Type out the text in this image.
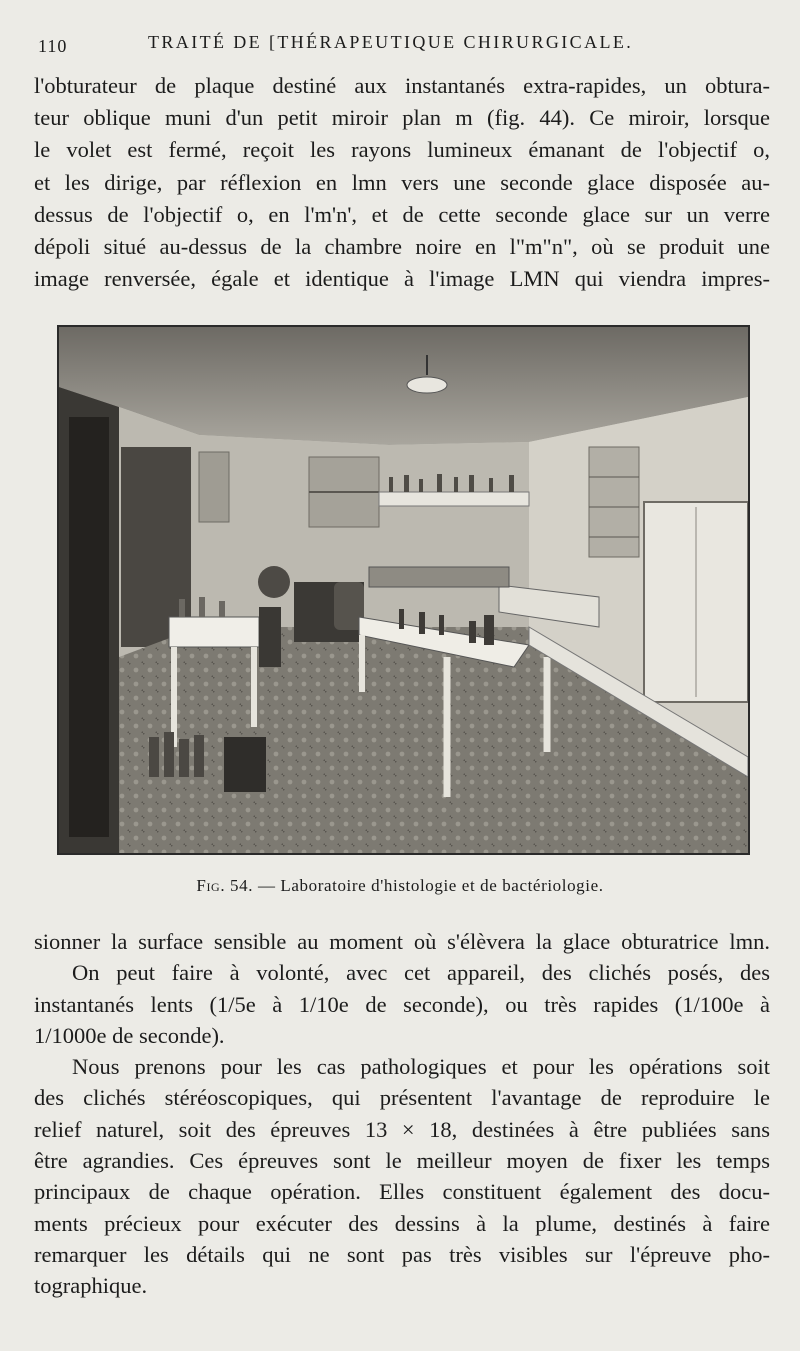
110	TRAITÉ DE [THÉRAPEUTIQUE CHIRURGICALE.
l'obturateur de plaque destiné aux instantanés extra-rapides, un obtura-
teur oblique muni d'un petit miroir plan m (fig. 44). Ce miroir, lorsque
le volet est fermé, reçoit les rayons lumineux émanant de l'objectif o,
et les dirige, par réflexion en lmn vers une seconde glace disposée au-
dessus de l'objectif o, en l'm'n', et de cette seconde glace sur un verre
dépoli situé au-dessus de la chambre noire en l"m"n", où se produit une
image renversée, égale et identique à l'image LMN qui viendra impres-
Fig. 54. — Laboratoire d'histologie et de bactériologie.
sionner la surface sensible au moment où s'élèvera la glace obturatrice lmn.
On peut faire à volonté, avec cet appareil, des clichés posés, des
instantanés lents (1/5e à 1/10e de seconde), ou très rapides (1/100e à
1/1000e de seconde).
Nous prenons pour les cas pathologiques et pour les opérations soit
des clichés stéréoscopiques, qui présentent l'avantage de reproduire le
relief naturel, soit des épreuves 13 × 18, destinées à être publiées sans
être agrandies. Ces épreuves sont le meilleur moyen de fixer les temps
principaux de chaque opération. Elles constituent également des docu-
ments précieux pour exécuter des dessins à la plume, destinés à faire
remarquer les détails qui ne sont pas très visibles sur l'épreuve pho-
tographique.
